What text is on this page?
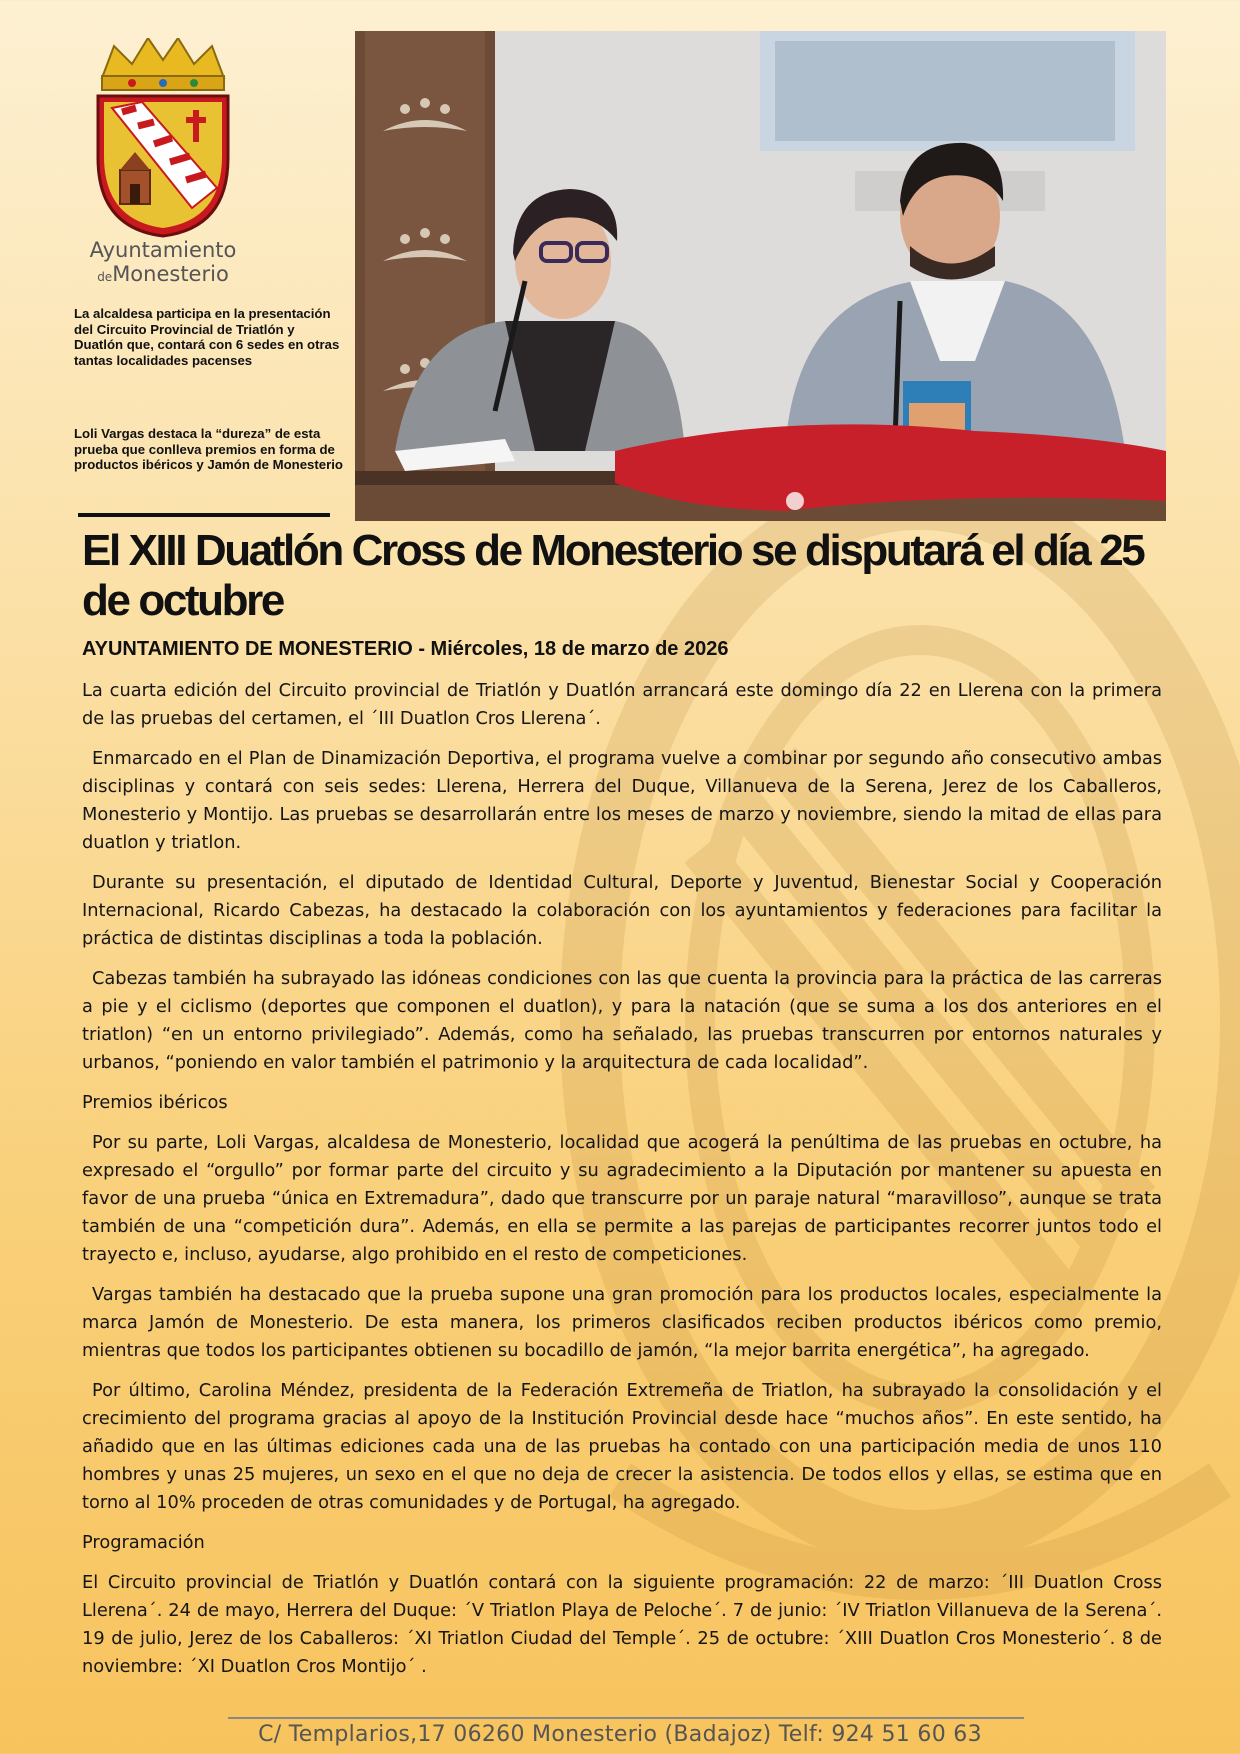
Ayuntamiento
deMonesterio

La alcaldesa participa en la presentación del Circuito Provincial de Triatlón y Duatlón que, contará con 6 sedes en otras tantas localidades pacenses

Loli Vargas destaca la “dureza” de esta prueba que conlleva premios en forma de productos ibéricos y Jamón de Monesterio

El XIII Duatlón Cross de Monesterio se disputará el día 25 de octubre

AYUNTAMIENTO DE MONESTERIO - Miércoles, 18 de marzo de 2026

La cuarta edición del Circuito provincial de Triatlón y Duatlón arrancará este domingo día 22 en Llerena con la primera de las pruebas del certamen, el ´III Duatlon Cros Llerena´.

Enmarcado en el Plan de Dinamización Deportiva, el programa vuelve a combinar por segundo año consecutivo ambas disciplinas y contará con seis sedes: Llerena, Herrera del Duque, Villanueva de la Serena, Jerez de los Caballeros, Monesterio y Montijo. Las pruebas se desarrollarán entre los meses de marzo y noviembre, siendo la mitad de ellas para duatlon y triatlon.

Durante su presentación, el diputado de Identidad Cultural, Deporte y Juventud, Bienestar Social y Cooperación Internacional, Ricardo Cabezas, ha destacado la colaboración con los ayuntamientos y federaciones para facilitar la práctica de distintas disciplinas a toda la población.

Cabezas también ha subrayado las idóneas condiciones con las que cuenta la provincia para la práctica de las carreras a pie y el ciclismo (deportes que componen el duatlon), y para la natación (que se suma a los dos anteriores en el triatlon) “en un entorno privilegiado”. Además, como ha señalado, las pruebas transcurren por entornos naturales y urbanos, “poniendo en valor también el patrimonio y la arquitectura de cada localidad”.

Premios ibéricos

Por su parte, Loli Vargas, alcaldesa de Monesterio, localidad que acogerá la penúltima de las pruebas en octubre, ha expresado el “orgullo” por formar parte del circuito y su agradecimiento a la Diputación por mantener su apuesta en favor de una prueba “única en Extremadura”, dado que transcurre por un paraje natural “maravilloso”, aunque se trata también de una “competición dura”. Además, en ella se permite a las parejas de participantes recorrer juntos todo el trayecto e, incluso, ayudarse, algo prohibido en el resto de competiciones.

Vargas también ha destacado que la prueba supone una gran promoción para los productos locales, especialmente la marca Jamón de Monesterio. De esta manera, los primeros clasificados reciben productos ibéricos como premio, mientras que todos los participantes obtienen su bocadillo de jamón, “la mejor barrita energética”, ha agregado.

Por último, Carolina Méndez, presidenta de la Federación Extremeña de Triatlon, ha subrayado la consolidación y el crecimiento del programa gracias al apoyo de la Institución Provincial desde hace “muchos años”. En este sentido, ha añadido que en las últimas ediciones cada una de las pruebas ha contado con una participación media de unos 110 hombres y unas 25 mujeres, un sexo en el que no deja de crecer la asistencia. De todos ellos y ellas, se estima que en torno al 10% proceden de otras comunidades y de Portugal, ha agregado.

Programación

El Circuito provincial de Triatlón y Duatlón contará con la siguiente programación: 22 de marzo: ´III Duatlon Cross Llerena´. 24 de mayo, Herrera del Duque: ´V Triatlon Playa de Peloche´. 7 de junio: ´IV Triatlon Villanueva de la Serena´. 19 de julio, Jerez de los Caballeros: ´XI Triatlon Ciudad del Temple´. 25 de octubre: ´XIII Duatlon Cros Monesterio´. 8 de noviembre: ´XI Duatlon Cros Montijo´ .

C/ Templarios,17 06260 Monesterio (Badajoz) Telf: 924 51 60 63
